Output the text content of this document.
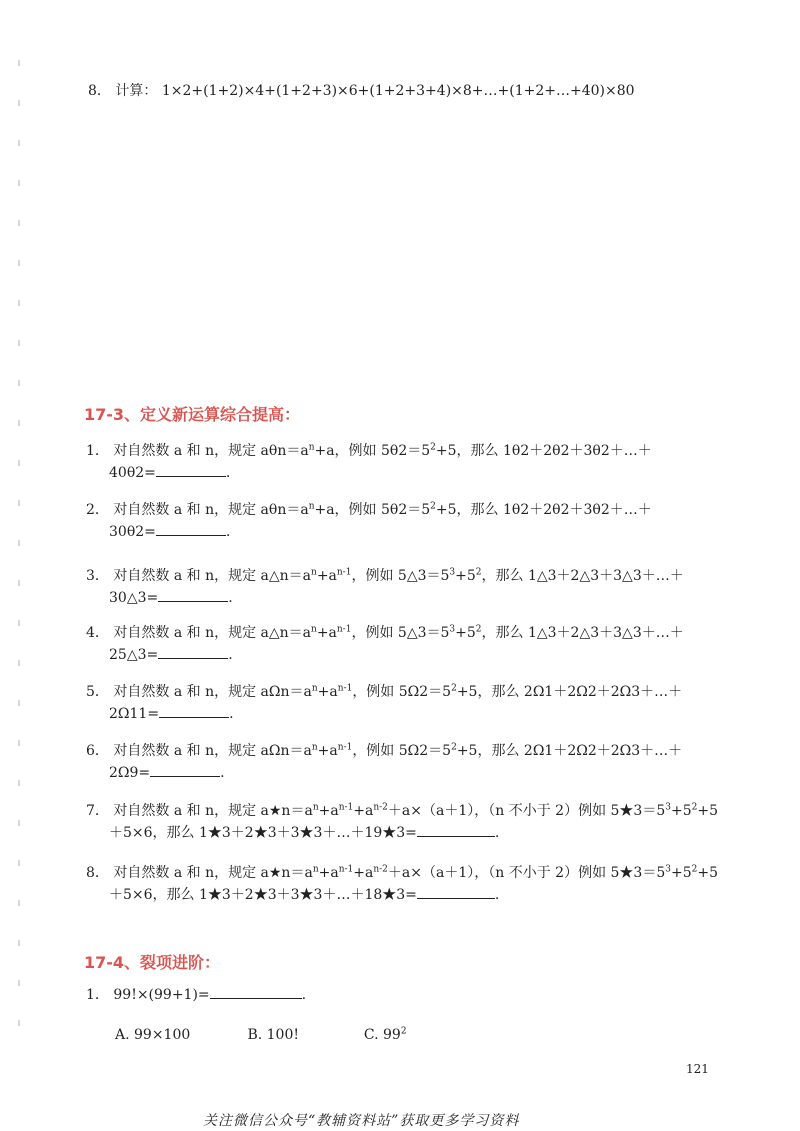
8． 计算： 1×2+(1+2)×4+(1+2+3)×6+(1+2+3+4)×8+…+(1+2+…+40)×80
17-3、定义新运算综合提高：
1． 对自然数 a 和 n，规定 $a\theta n=a^n+a$，例如 $5\theta 2=5^2+5$，那么 1θ2＋2θ2＋3θ2＋…＋
40θ2=	.
2． 对自然数 a 和 n，规定 $a\theta n=a^n+a$，例如 $5\theta 2=5^2+5$，那么 1θ2＋2θ2＋3θ2＋…＋
30θ2=	.
3． 对自然数 a 和 n，规定 $a\triangle n=a^n+a^{n-1}$，例如 $5\triangle 3=5^3+5^2$，那么 1△3＋2△3＋3△3＋…＋
30△3=	.
4． 对自然数 a 和 n，规定 $a\triangle n=a^n+a^{n-1}$，例如 $5\triangle 3=5^3+5^2$，那么 1△3＋2△3＋3△3＋…＋
25△3=	.
5． 对自然数 a 和 n，规定 $a\Omega n=a^n+a^{n-1}$，例如 $5\Omega 2=5^2+5$，那么 2Ω1＋2Ω2＋2Ω3＋…＋
2Ω11=	.
6． 对自然数 a 和 n，规定 $a\Omega n=a^n+a^{n-1}$，例如 $5\Omega 2=5^2+5$，那么 2Ω1＋2Ω2＋2Ω3＋…＋
2Ω9=	.
7． 对自然数 a 和 n，规定 $a★n=a^n+a^{n-1}+a^{n-2}+a\times(a+1)$，（n 不小于 2）例如 $5★3=5^3+5^2+5$
＋5×6，那么 1★3＋2★3＋3★3＋…＋19★3=	.
8． 对自然数 a 和 n，规定 $a★n=a^n+a^{n-1}+a^{n-2}+a\times(a+1)$，（n 不小于 2）例如 $5★3=5^3+5^2+5$
＋5×6，那么 1★3＋2★3＋3★3＋…＋18★3=	.
17-4、裂项进阶：
1． 99!×(99+1)=	.
A. 99×100	B. 100!	C. $99^2$
121
关注微信公众号“教辅资料站”获取更多学习资料
